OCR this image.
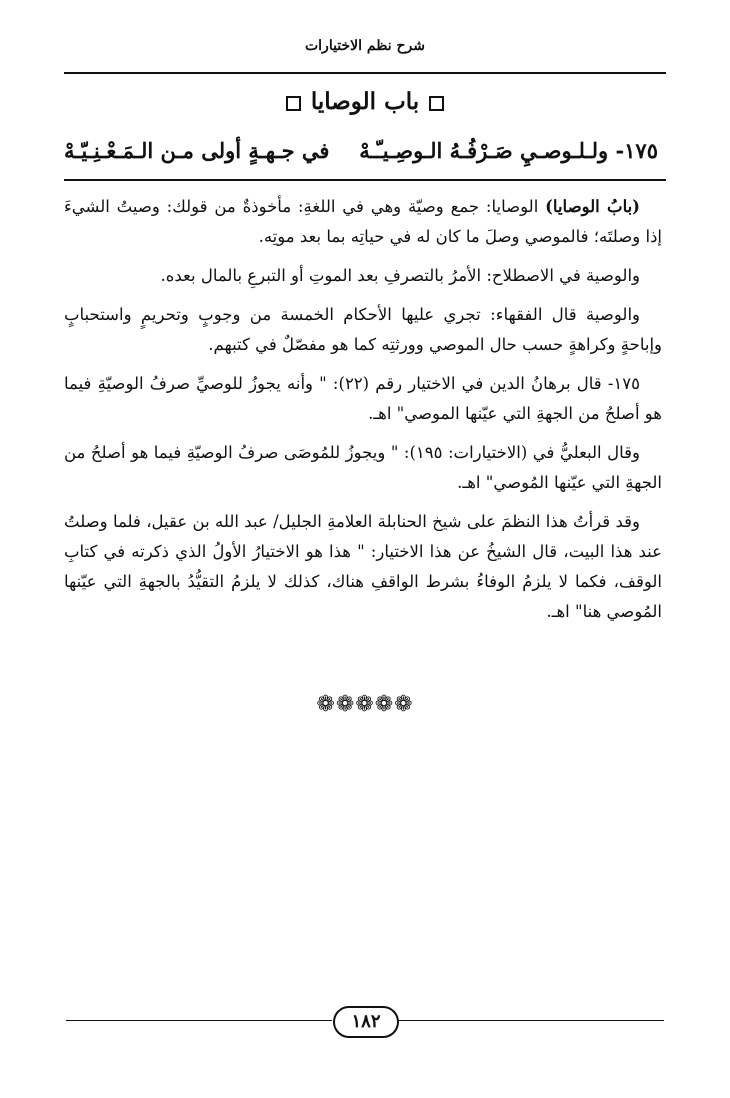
شرح نظم الاختيارات
باب الوصايا
١٧٥- ولـلـوصـيِ صَـرْفُـهُ الـوصِـيـّـهْ
في جـهـةٍ أولى مـن الـمَـعْـنِـيّـهْ

(بابُ الوصايا) الوصايا: جمع وصيّة وهي في اللغةِ: مأخوذةٌ من قولك: وصيتُ الشيءَ إذا وصلتَه؛ فالموصي وصلَ ما كان له في حياتِه بما بعد موتِه.

والوصية في الاصطلاح: الأمرُ بالتصرفِ بعد الموتِ أو التبرعِ بالمال بعده.

والوصية قال الفقهاء: تجري عليها الأحكام الخمسة من وجوبٍ وتحريمٍ واستحبابٍ وإباحةٍ وكراهةٍ حسب حال الموصي وورثتِه كما هو مفصّلٌ في كتبهم.

١٧٥- قال برهانُ الدين في الاختيار رقم (٢٢): " وأنه يجوزُ للوصيِّ صرفُ الوصيّةِ فيما هو أصلحُ من الجهةِ التي عيّنها الموصي" اهـ.

وقال البعليُّ في (الاختيارات: ١٩٥): " ويجوزُ للمُوصَى صرفُ الوصيّةِ فيما هو أصلحُ من الجهةِ التي عيّنها المُوصي" اهـ.

وقد قرأتُ هذا النظمَ على شيخ الحنابلة العلامةِ الجليل/ عبد الله بن عقيل، فلما وصلتُ عند هذا البيت، قال الشيخُ عن هذا الاختيار: " هذا هو الاختيارُ الأولُ الذي ذكرته في كتابِ الوقف، فكما لا يلزمُ الوفاءُ بشرط الواقفِ هناك، كذلك لا يلزمُ التقيُّدُ بالجهةِ التي عيّنها المُوصي هنا" اهـ.

❁❁❁❁❁
١٨٢
